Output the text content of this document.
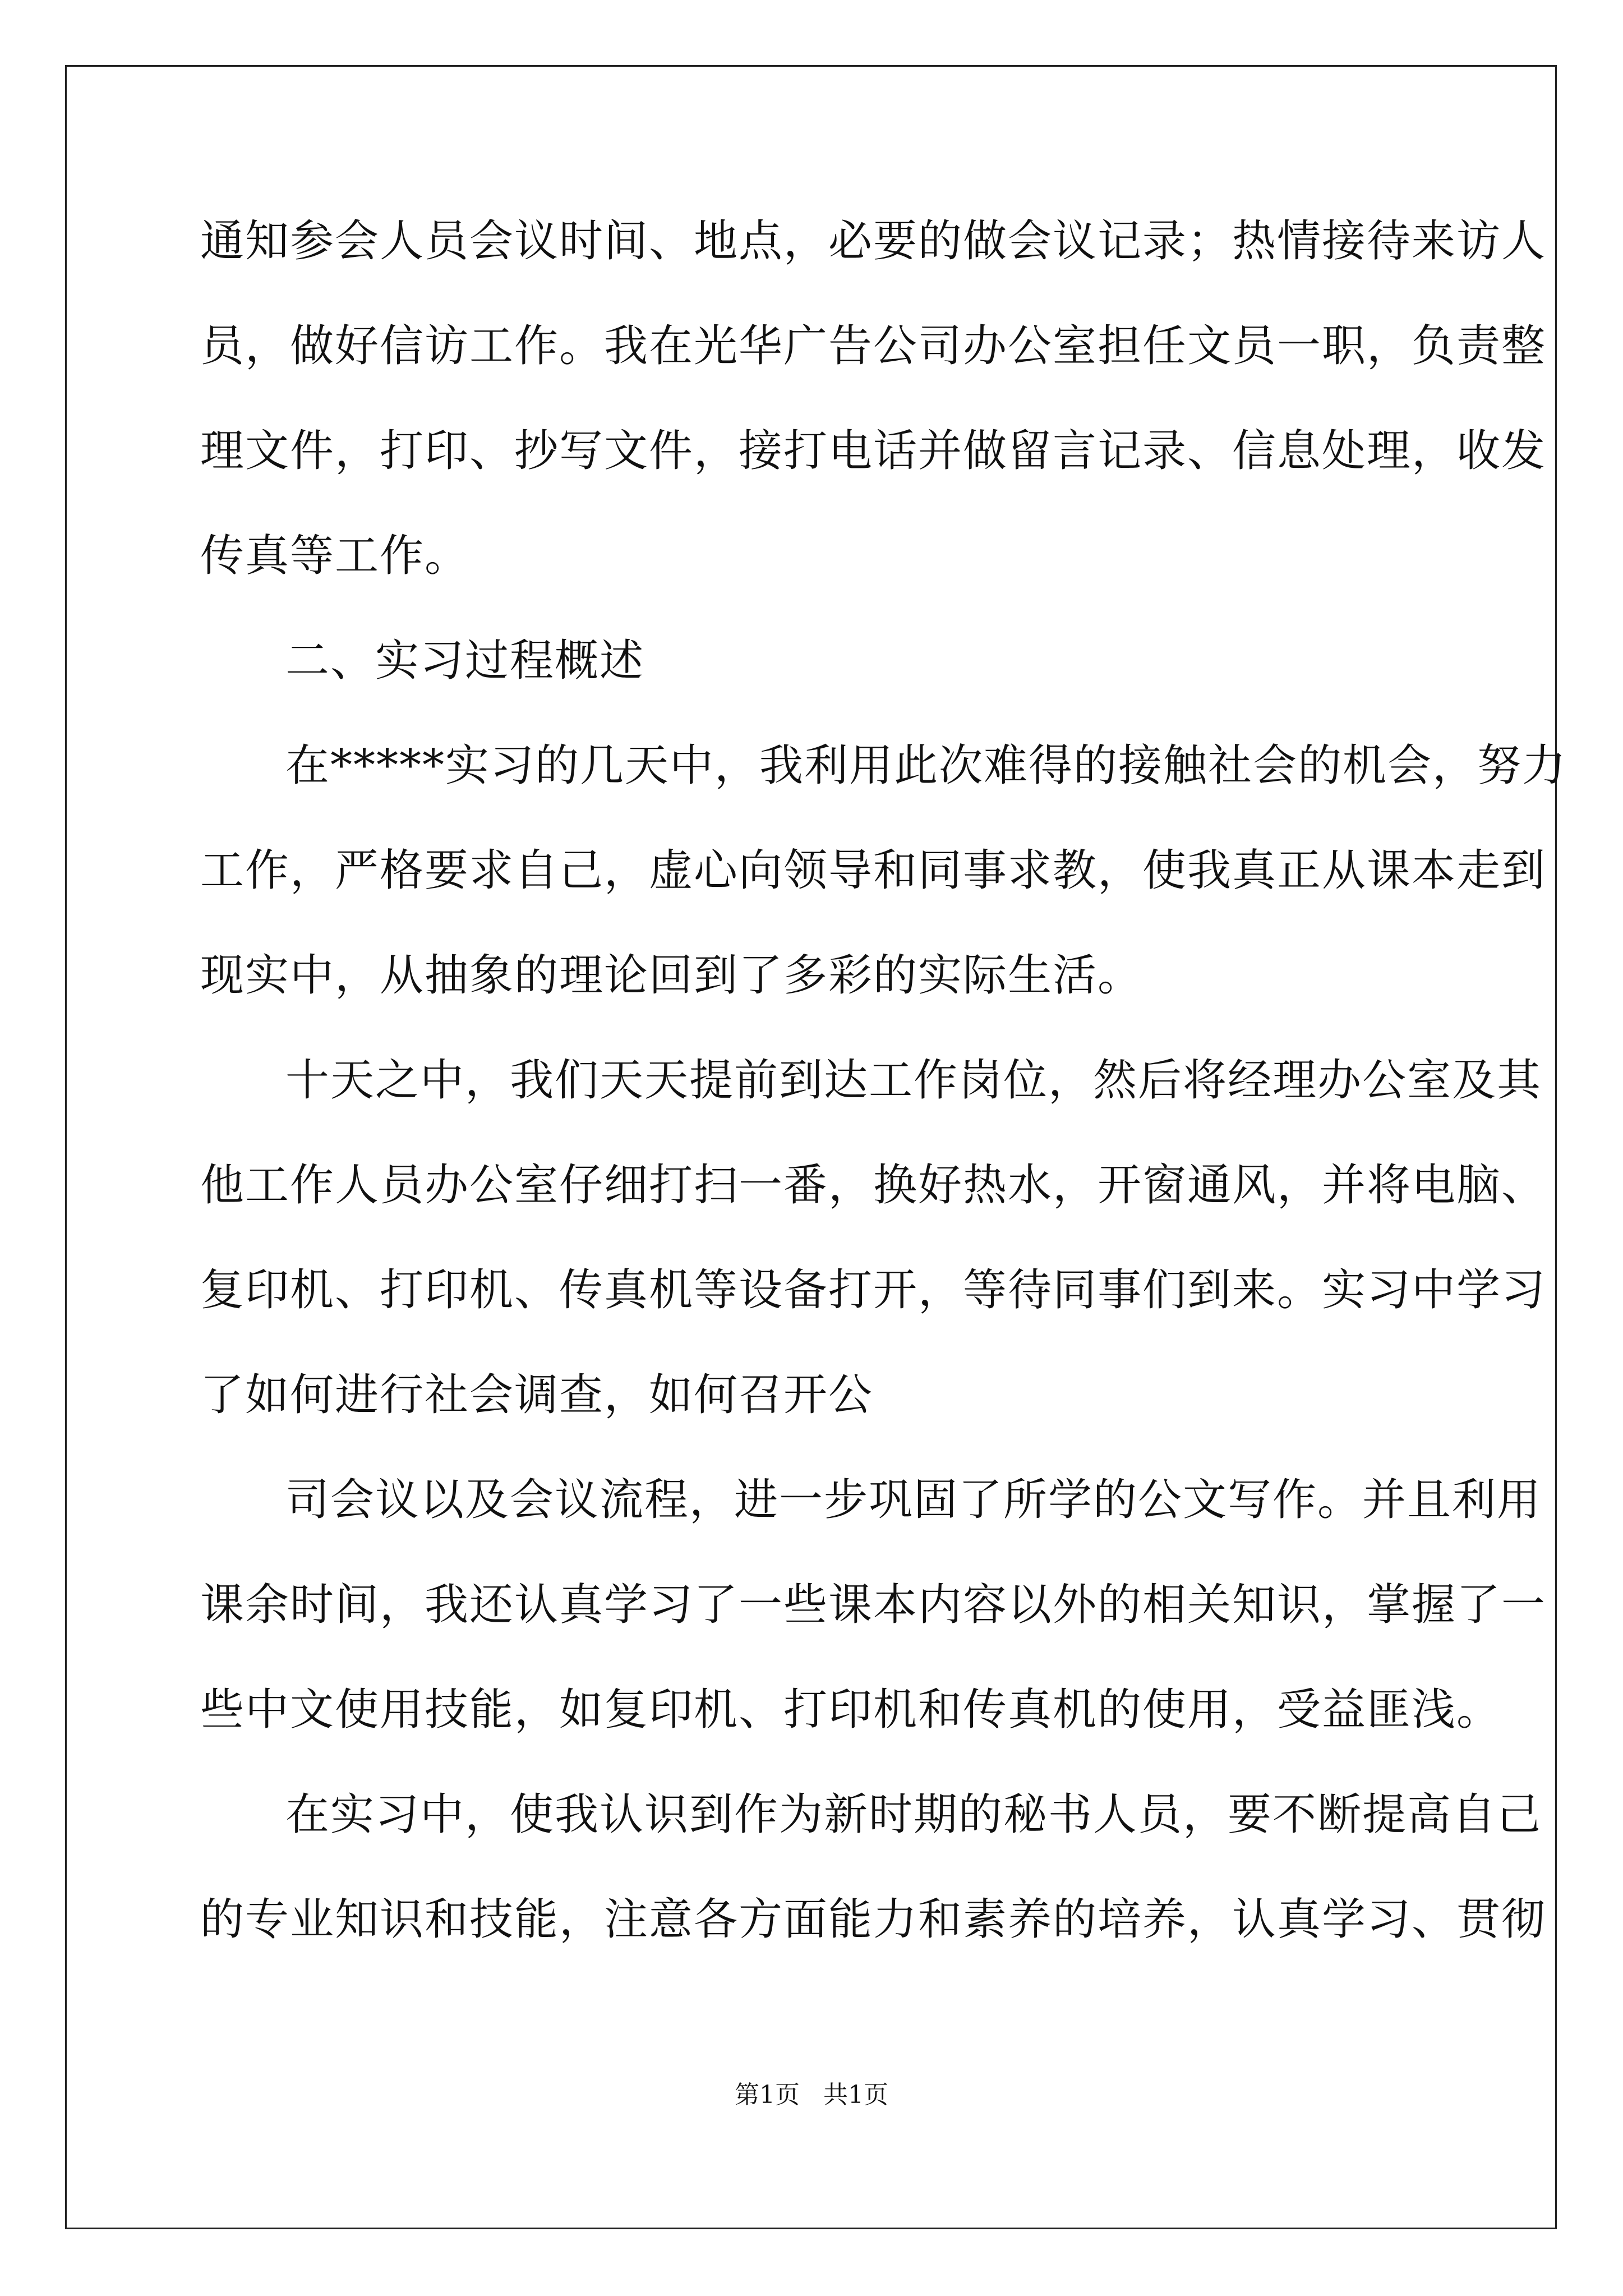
通知参会人员会议时间、地点，必要的做会议记录；热情接待来访人
员，做好信访工作。我在光华广告公司办公室担任文员一职，负责整
理文件，打印、抄写文件，接打电话并做留言记录、信息处理，收发
传真等工作。
二、实习过程概述
在*****实习的几天中，我利用此次难得的接触社会的机会，努力
工作，严格要求自己，虚心向领导和同事求教，使我真正从课本走到
现实中，从抽象的理论回到了多彩的实际生活。
十天之中，我们天天提前到达工作岗位，然后将经理办公室及其
他工作人员办公室仔细打扫一番，换好热水，开窗通风，并将电脑、
复印机、打印机、传真机等设备打开，等待同事们到来。实习中学习
了如何进行社会调查，如何召开公
司会议以及会议流程，进一步巩固了所学的公文写作。并且利用
课余时间，我还认真学习了一些课本内容以外的相关知识，掌握了一
些中文使用技能，如复印机、打印机和传真机的使用，受益匪浅。
在实习中，使我认识到作为新时期的秘书人员，要不断提高自己
的专业知识和技能，注意各方面能力和素养的培养，认真学习、贯彻
第1页   共1页
